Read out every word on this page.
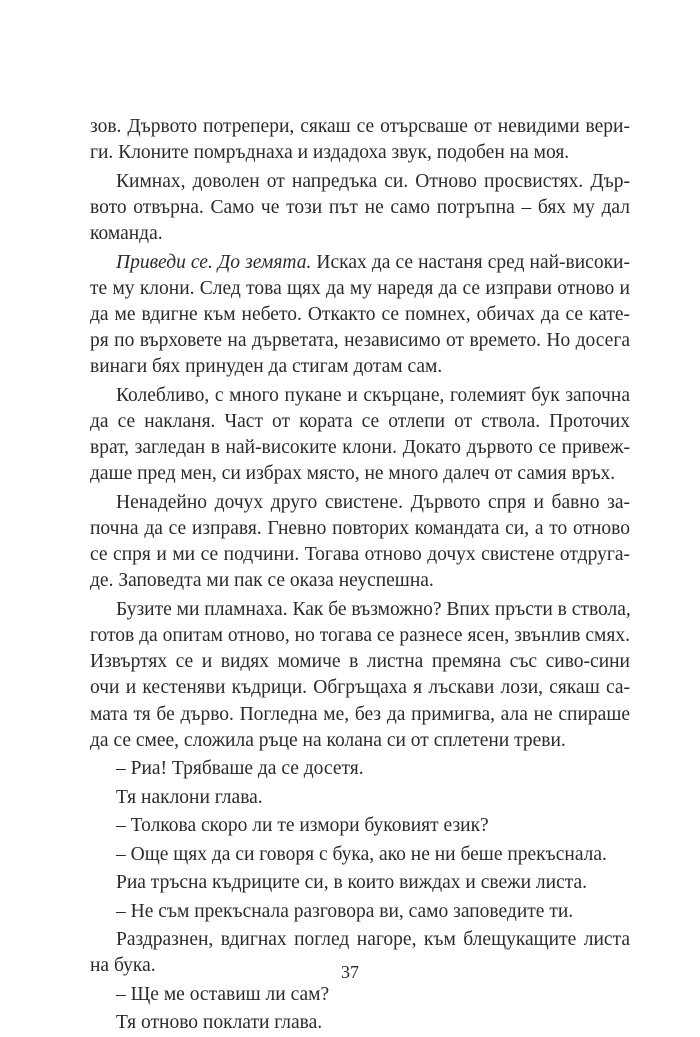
зов. Дървото потрепери, сякаш се отърсваше от невидими вери-
ги. Клоните помръднаха и издадоха звук, подобен на моя.
Кимнах, доволен от напредъка си. Отново просвистях. Дър-
вото отвърна. Само че този път не само потръпна – бях му дал
команда.
Приведи се. До земята. Исках да се настаня сред най-високи-
те му клони. След това щях да му наредя да се изправи отново и
да ме вдигне към небето. Откакто се помнех, обичах да се кате-
ря по върховете на дърветата, независимо от времето. Но досега
винаги бях принуден да стигам дотам сам.
Колебливо, с много пукане и скърцане, големият бук започна
да се накланя. Част от кората се отлепи от ствола. Проточих
врат, загледан в най-високите клони. Докато дървото се привеж-
даше пред мен, си избрах място, не много далеч от самия връх.
Ненадейно дочух друго свистене. Дървото спря и бавно за-
почна да се изправя. Гневно повторих командата си, а то отново
се спря и ми се подчини. Тогава отново дочух свистене отдруга-
де. Заповедта ми пак се оказа неуспешна.
Бузите ми пламнаха. Как бе възможно? Впих пръсти в ствола,
готов да опитам отново, но тогава се разнесе ясен, звънлив смях.
Извъртях се и видях момиче в листна премяна със сиво-сини
очи и кестеняви къдрици. Обгръщаха я лъскави лози, сякаш са-
мата тя бе дърво. Погледна ме, без да примигва, ала не спираше
да се смее, сложила ръце на колана си от сплетени треви.
– Риа! Трябваше да се досетя.
Тя наклони глава.
– Толкова скоро ли те измори буковият език?
– Още щях да си говоря с бука, ако не ни беше прекъснала.
Риа тръсна къдриците си, в които виждах и свежи листа.
– Не съм прекъснала разговора ви, само заповедите ти.
Раздразнен, вдигнах поглед нагоре, към блещукащите листа
на бука.
– Ще ме оставиш ли сам?
Тя отново поклати глава.
37
